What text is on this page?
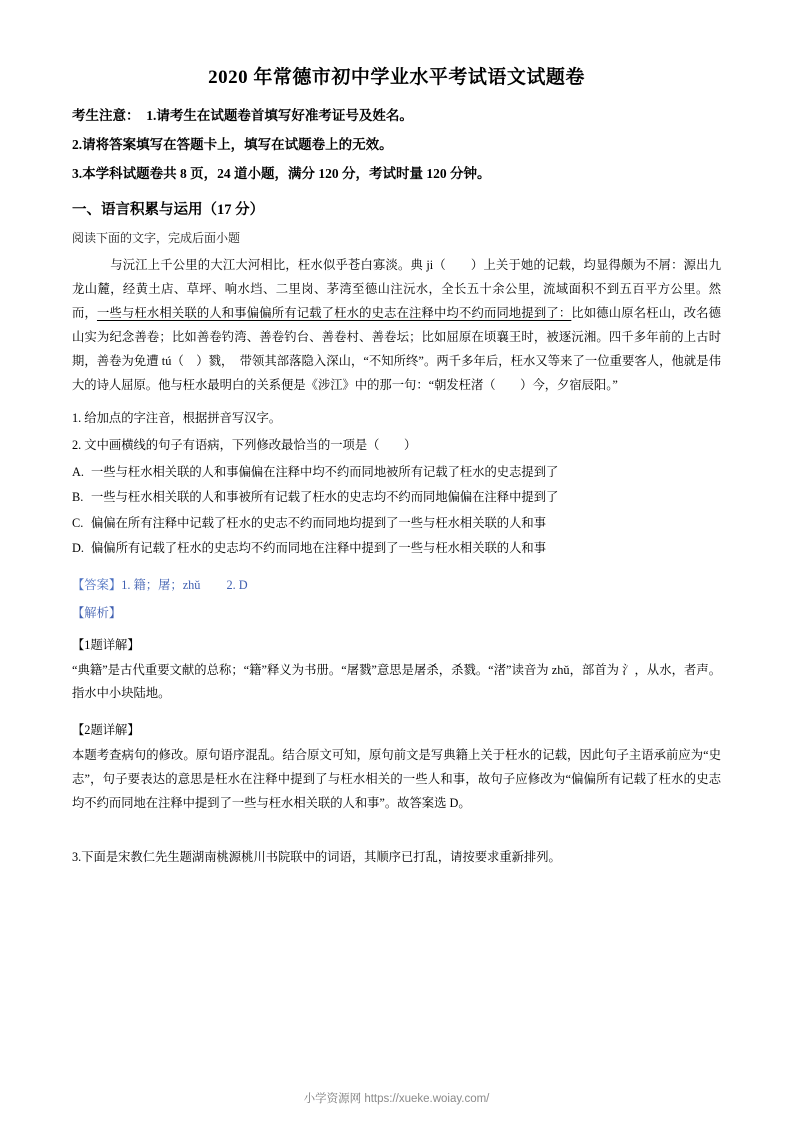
2020 年常德市初中学业水平考试语文试题卷
考生注意：　1.请考生在试题卷首填写好准考证号及姓名。
2.请将答案填写在答题卡上，填写在试题卷上的无效。
3.本学科试题卷共 8 页，24 道小题，满分 120 分，考试时量 120 分钟。
一、语言积累与运用（17 分）
阅读下面的文字，完成后面小题
与沅江上千公里的大江大河相比，枉水似乎苍白寡淡。典 ji（　　）上关于她的记载，均显得颇为不屑：源出九龙山麓，经黄土店、草坪、响水垱、二里岗、茅湾至德山注沅水，全长五十余公里，流域面积不到五百平方公里。然而，一些与枉水相关联的人和事偏偏所有记载了枉水的史志在注释中均不约而同地提到了：比如德山原名枉山，改名德山实为纪念善卷；比如善卷钓湾、善卷钓台、善卷村、善卷坛；比如屈原在顷襄王时，被逐沅湘。四千多年前的上古时期，善卷为免遭 tú（　）戮，　带领其部落隐入深山，“不知所终”。两千多年后，枉水又等来了一位重要客人，他就是伟大的诗人屈原。他与枉水最明白的关系便是《涉江》中的那一句：“朝发枉渚（　　）今，夕宿辰阳。”
1. 给加点的字注音，根据拼音写汉字。
2. 文中画横线的句子有语病，下列修改最恰当的一项是（　　）
A. 一些与枉水相关联的人和事偏偏在注释中均不约而同地被所有记载了枉水的史志提到了
B. 一些与枉水相关联的人和事被所有记载了枉水的史志均不约而同地偏偏在注释中提到了
C. 偏偏在所有注释中记载了枉水的史志不约而同地均提到了一些与枉水相关联的人和事
D. 偏偏所有记载了枉水的史志均不约而同地在注释中提到了一些与枉水相关联的人和事
【答案】1. 籍；屠；zhǔ 2. D
【解析】
【1题详解】
“典籍”是古代重要文献的总称；“籍”释义为书册。“屠戮”意思是屠杀，杀戮。“渚”读音为 zhǔ，部首为 氵，从水，者声。指水中小块陆地。
【2题详解】
本题考查病句的修改。原句语序混乱。结合原文可知，原句前文是写典籍上关于枉水的记载，因此句子主语承前应为“史志”，句子要表达的意思是枉水在注释中提到了与枉水相关的一些人和事，故句子应修改为“偏偏所有记载了枉水的史志均不约而同地在注释中提到了一些与枉水相关联的人和事”。故答案选 D。
3.下面是宋教仁先生题湖南桃源桃川书院联中的词语，其顺序已打乱，请按要求重新排列。
小学资源网 https://xueke.woiay.com/
